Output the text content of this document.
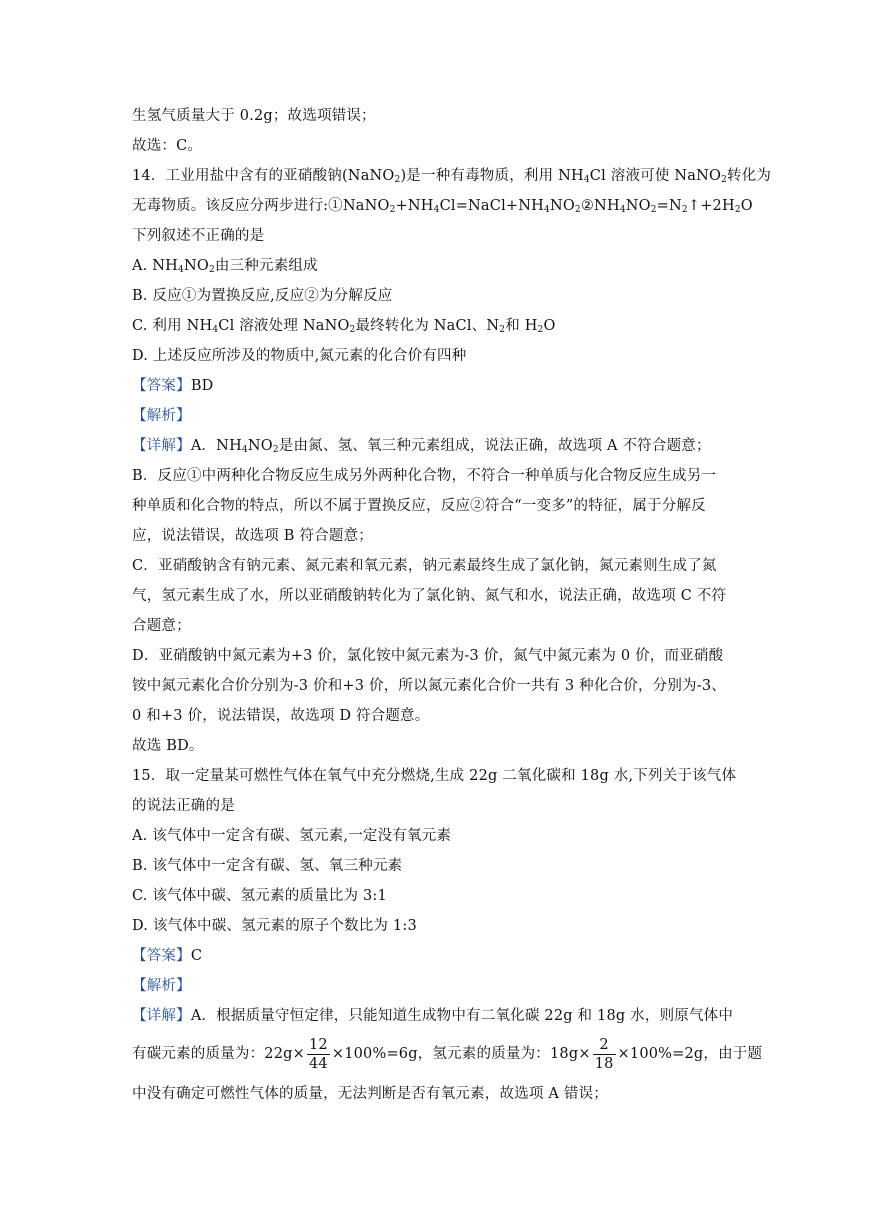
生氢气质量大于 0.2g；故选项错误；
故选：C。
14．工业用盐中含有的亚硝酸钠(NaNO$_2$)是一种有毒物质，利用 $NH_4Cl$ 溶液可使 NaNO$_2$转化为
无毒物质。该反应分两步进行$:①NaNO_2+NH_4Cl=NaCl+NH_4NO_2②NH_4NO_2=N_2↑+2H_2O$
下列叙述不正确的是
A. $NH_4NO_2$由三种元素组成
B. 反应①为置换反应,反应②为分解反应
C. 利用 $NH_4Cl$ 溶液处理 NaNO$_2$最终转化为 NaCl、$N_2$和 $H_2O$
D. 上述反应所涉及的物质中,氮元素的化合价有四种
【答案】BD
【解析】
【详解】A．$NH_4NO_2$是由氮、氢、氧三种元素组成，说法正确，故选项 A 不符合题意；
B．反应①中两种化合物反应生成另外两种化合物，不符合一种单质与化合物反应生成另一
种单质和化合物的特点，所以不属于置换反应，反应②符合“一变多”的特征，属于分解反
应，说法错误，故选项 B 符合题意；
C．亚硝酸钠含有钠元素、氮元素和氧元素，钠元素最终生成了氯化钠，氮元素则生成了氮
气，氢元素生成了水，所以亚硝酸钠转化为了氯化钠、氮气和水，说法正确，故选项 C 不符
合题意；
D．亚硝酸钠中氮元素为+3 价，氯化铵中氮元素为-3 价，氮气中氮元素为 0 价，而亚硝酸
铵中氮元素化合价分别为-3 价和+3 价，所以氮元素化合价一共有 3 种化合价，分别为-3、
0 和+3 价，说法错误，故选项 D 符合题意。
故选 BD。
15．取一定量某可燃性气体在氧气中充分燃烧,生成 22g 二氧化碳和 18g 水,下列关于该气体
的说法正确的是
A. 该气体中一定含有碳、氢元素,一定没有氧元素
B. 该气体中一定含有碳、氢、氧三种元素
C. 该气体中碳、氢元素的质量比为 3:1
D. 该气体中碳、氢元素的原子个数比为 1:3
【答案】C
【解析】
【详解】A．根据质量守恒定律，只能知道生成物中有二氧化碳 22g 和 18g 水，则原气体中
有碳元素的质量为：$22g\times \frac{12}{44} \times 100\%=6g$，氢元素的质量为：$18g\times \frac{2}{18} \times 100\%=2g$，由于题
中没有确定可燃性气体的质量，无法判断是否有氧元素，故选项 A 错误；
